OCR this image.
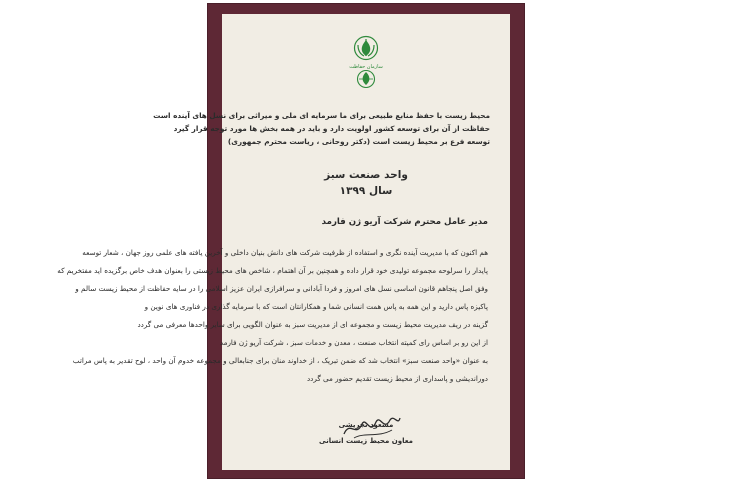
سازمان حفاظت
محیط زیست با حفظ منابع طبیعی برای ما سرمایه ای ملی و میراثی برای نسل های آینده است
حفاظت از آن برای توسعه کشور اولویت دارد و باید در همه بخش ها مورد توجه قرار گیرد
توسعه فرع بر محیط زیست است (دکتر روحانی ، ریاست محترم جمهوری)
واحد صنعت سبز
سال ۱۳۹۹
مدیر عامل محترم شرکت آریو ژن فارمد
هم اکنون که با مدیریت آینده نگری و استفاده از ظرفیت شرکت های دانش بنیان داخلی و آخرین یافته های علمی روز جهان ، شعار توسعه
پایدار را سرلوحه مجموعه تولیدی خود قرار داده و همچنین بر آن اهتمام ، شاخص های محیط زیستی را بعنوان هدف خاص برگزیده اید مفتخریم که
وفق اصل پنجاهم قانون اساسی نسل های امروز و فردا آبادانی و سرافرازی ایران عزیز اسلامی را در سایه حفاظت از محیط زیست سالم و
پاکیزه پاس دارید و این همه به پاس همت انسانی شما و همکارانتان است که با سرمایه گذاری در فناوری های نوین و
گزینه در ریف مدیریت محیط زیست و مجموعه ای از مدیریت سبز به عنوان الگویی برای سایر واحدها معرفی می گردد
از این رو بر اساس رای کمیته انتخاب صنعت ، معدن و خدمات سبز ، شرکت آریو ژن فارمد
به عنوان «واحد صنعت سبز» انتخاب شد که ضمن تبریک ، از خداوند منان برای جنابعالی و مجموعه خدوم آن واحد ، لوح تقدیر به پاس مراتب
دوراندیشی و پاسداری از محیط زیست تقدیم حضور می گردد
مسعود تجریشی
معاون محیط زیست انسانی
